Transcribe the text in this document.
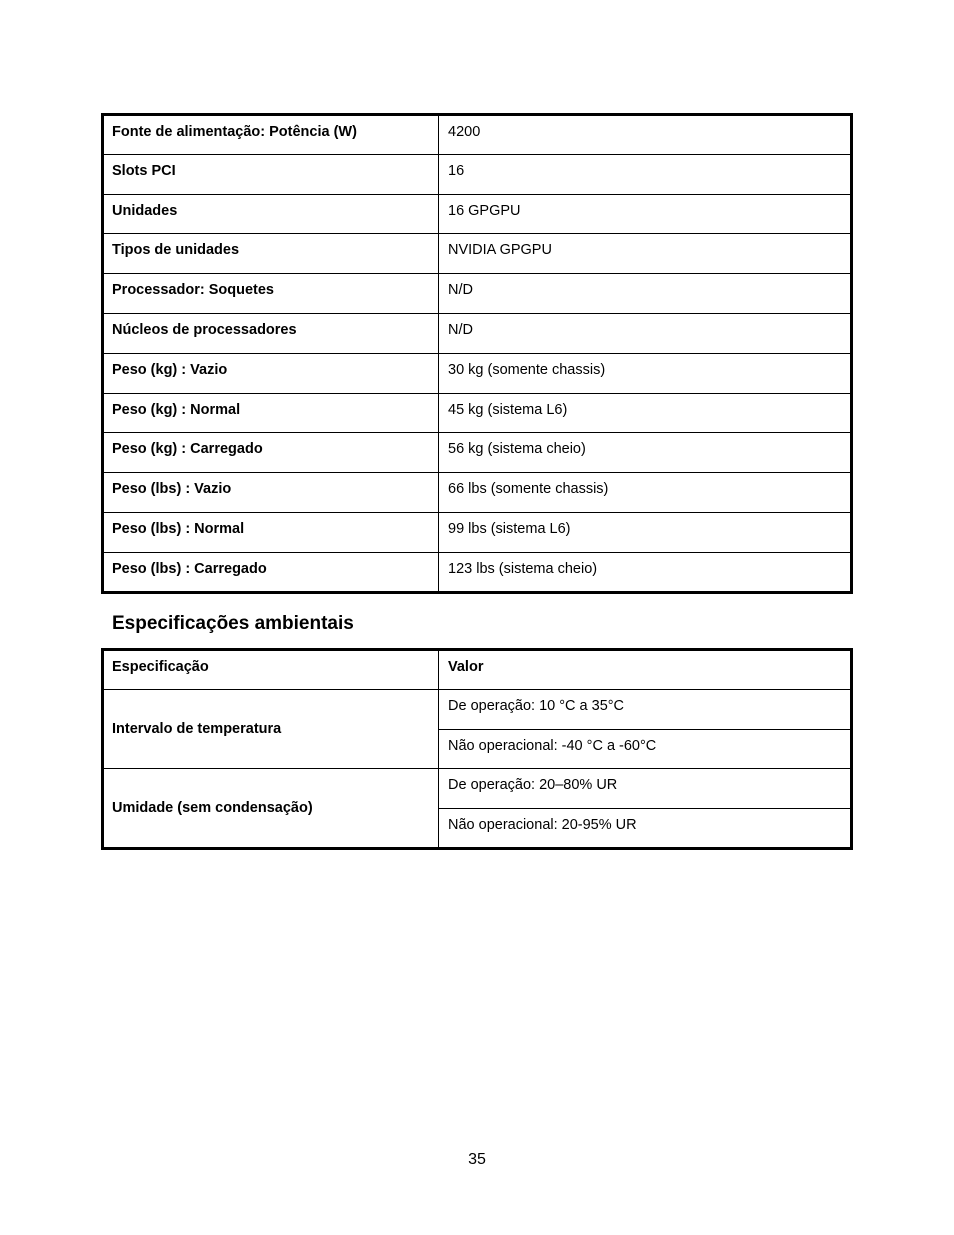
Fonte de alimentação: Potência (W)	4200
Slots PCI	16
Unidades	16 GPGPU
Tipos de unidades	NVIDIA GPGPU
Processador: Soquetes	N/D
Núcleos de processadores	N/D
Peso (kg) : Vazio	30 kg (somente chassis)
Peso (kg) : Normal	45 kg (sistema L6)
Peso (kg) : Carregado	56 kg (sistema cheio)
Peso (lbs) : Vazio	66 lbs (somente chassis)
Peso (lbs) : Normal	99 lbs (sistema L6)
Peso (lbs) : Carregado	123 lbs (sistema cheio)
Especificações ambientais
Especificação	Valor
Intervalo de temperatura	De operação: 10 °C a 35°C
	Não operacional: -40 °C a -60°C
Umidade (sem condensação)	De operação: 20–80% UR
	Não operacional: 20-95% UR
35
